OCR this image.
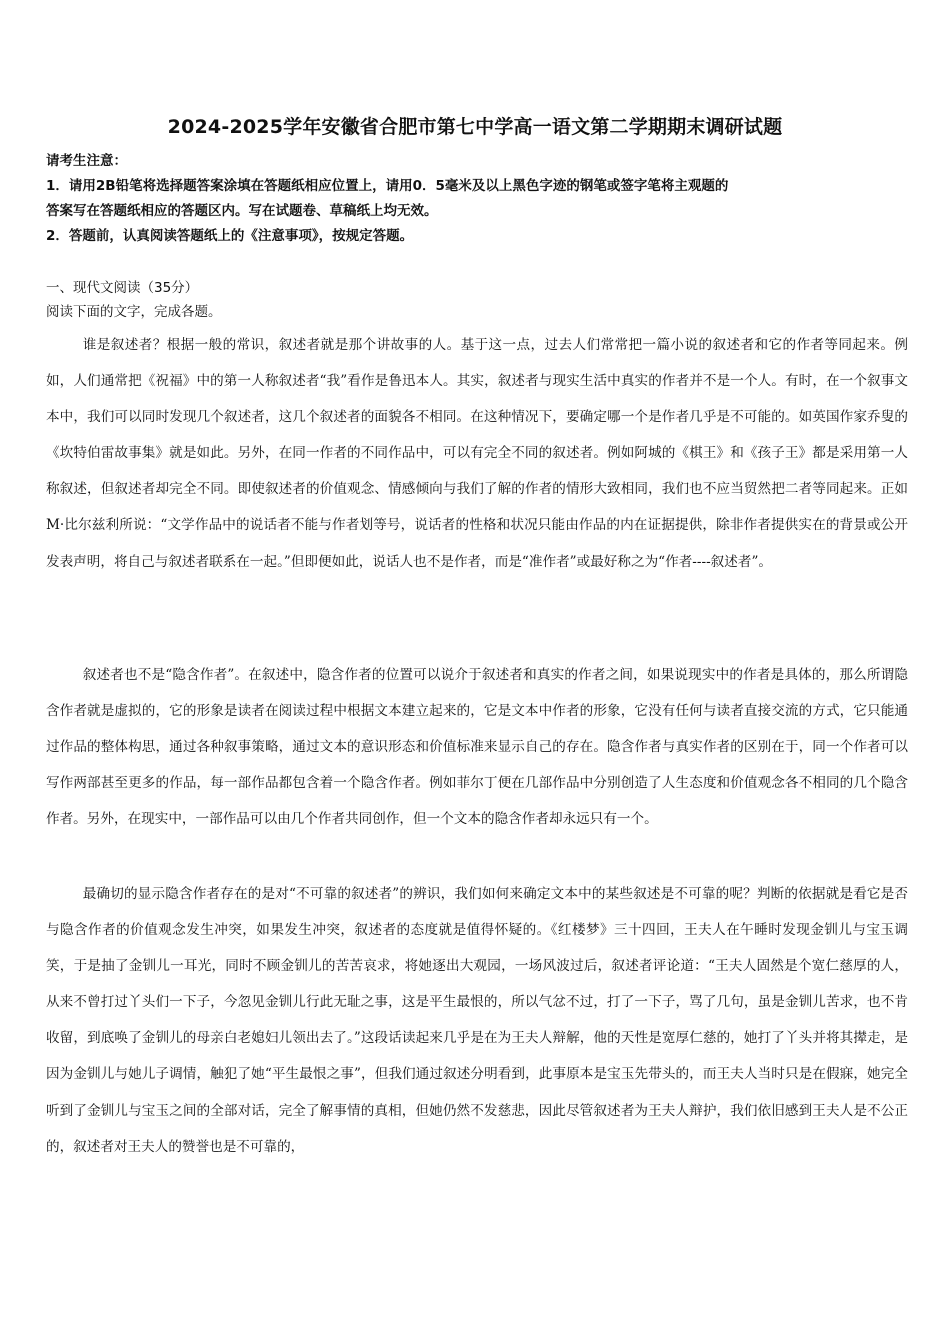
2024-2025学年安徽省合肥市第七中学高一语文第二学期期末调研试题
请考生注意：
1．请用2B铅笔将选择题答案涂填在答题纸相应位置上，请用0．5毫米及以上黑色字迹的钢笔或签字笔将主观题的
答案写在答题纸相应的答题区内。写在试题卷、草稿纸上均无效。
2．答题前，认真阅读答题纸上的《注意事项》，按规定答题。
一、现代文阅读（35分）
阅读下面的文字，完成各题。
谁是叙述者？根据一般的常识，叙述者就是那个讲故事的人。基于这一点，过去人们常常把一篇小说的叙述者和它的作者等同起来。例如，人们通常把《祝福》中的第一人称叙述者“我”看作是鲁迅本人。其实，叙述者与现实生活中真实的作者并不是一个人。有时，在一个叙事文本中，我们可以同时发现几个叙述者，这几个叙述者的面貌各不相同。在这种情况下，要确定哪一个是作者几乎是不可能的。如英国作家乔叟的《坎特伯雷故事集》就是如此。另外，在同一作者的不同作品中，可以有完全不同的叙述者。例如阿城的《棋王》和《孩子王》都是采用第一人称叙述，但叙述者却完全不同。即使叙述者的价值观念、情感倾向与我们了解的作者的情形大致相同，我们也不应当贸然把二者等同起来。正如M·比尔兹利所说：“文学作品中的说话者不能与作者划等号，说话者的性格和状况只能由作品的内在证据提供，除非作者提供实在的背景或公开发表声明，将自己与叙述者联系在一起。”但即便如此，说话人也不是作者，而是“准作者”或最好称之为“作者----叙述者”。
叙述者也不是“隐含作者”。在叙述中，隐含作者的位置可以说介于叙述者和真实的作者之间，如果说现实中的作者是具体的，那么所谓隐含作者就是虚拟的，它的形象是读者在阅读过程中根据文本建立起来的，它是文本中作者的形象，它没有任何与读者直接交流的方式，它只能通过作品的整体构思，通过各种叙事策略，通过文本的意识形态和价值标准来显示自己的存在。隐含作者与真实作者的区别在于，同一个作者可以写作两部甚至更多的作品，每一部作品都包含着一个隐含作者。例如菲尔丁便在几部作品中分别创造了人生态度和价值观念各不相同的几个隐含作者。另外，在现实中，一部作品可以由几个作者共同创作，但一个文本的隐含作者却永远只有一个。
最确切的显示隐含作者存在的是对“不可靠的叙述者”的辨识，我们如何来确定文本中的某些叙述是不可靠的呢？判断的依据就是看它是否与隐含作者的价值观念发生冲突，如果发生冲突，叙述者的态度就是值得怀疑的。《红楼梦》三十四回，王夫人在午睡时发现金钏儿与宝玉调笑，于是抽了金钏儿一耳光，同时不顾金钏儿的苦苦哀求，将她逐出大观园，一场风波过后，叙述者评论道：“王夫人固然是个宽仁慈厚的人，从来不曾打过丫头们一下子，今忽见金钏儿行此无耻之事，这是平生最恨的，所以气忿不过，打了一下子，骂了几句，虽是金钏儿苦求，也不肯收留，到底唤了金钏儿的母亲白老媳妇儿领出去了。”这段话读起来几乎是在为王夫人辩解，他的天性是宽厚仁慈的，她打了丫头并将其撵走，是因为金钏儿与她儿子调情，触犯了她“平生最恨之事”，但我们通过叙述分明看到，此事原本是宝玉先带头的，而王夫人当时只是在假寐，她完全听到了金钏儿与宝玉之间的全部对话，完全了解事情的真相，但她仍然不发慈悲，因此尽管叙述者为王夫人辩护，我们依旧感到王夫人是不公正的，叙述者对王夫人的赞誉也是不可靠的，
